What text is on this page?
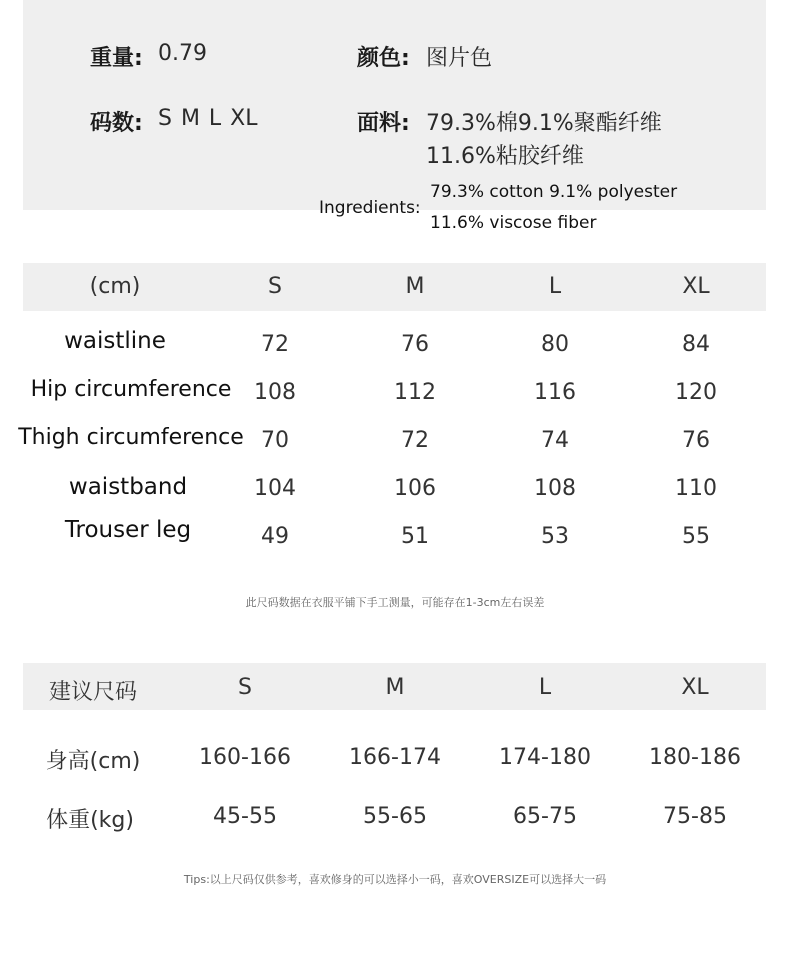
重量: 0.79	颜色: 图片色
码数: S M L XL	面料: 79.3%棉9.1%聚酯纤维
11.6%粘胶纤维
Ingredients:
79.3% cotton 9.1% polyester
11.6% viscose fiber
(cm)	S	M	L	XL
waistline	72	76	80	84
Hip circumference	108	112	116	120
Thigh circumference 70	72	74	76
waistband	104	106	108	110
Trouser leg	49	51	53	55
此尺码数据在衣服平铺下手工测量，可能存在1-3cm左右误差
建议尺码	S	M	L	XL
身高(cm)	160-166	166-174	174-180	180-186
体重(kg)	45-55	55-65	65-75	75-85
Tips:以上尺码仅供参考，喜欢修身的可以选择小一码，喜欢OVERSIZE可以选择大一码
